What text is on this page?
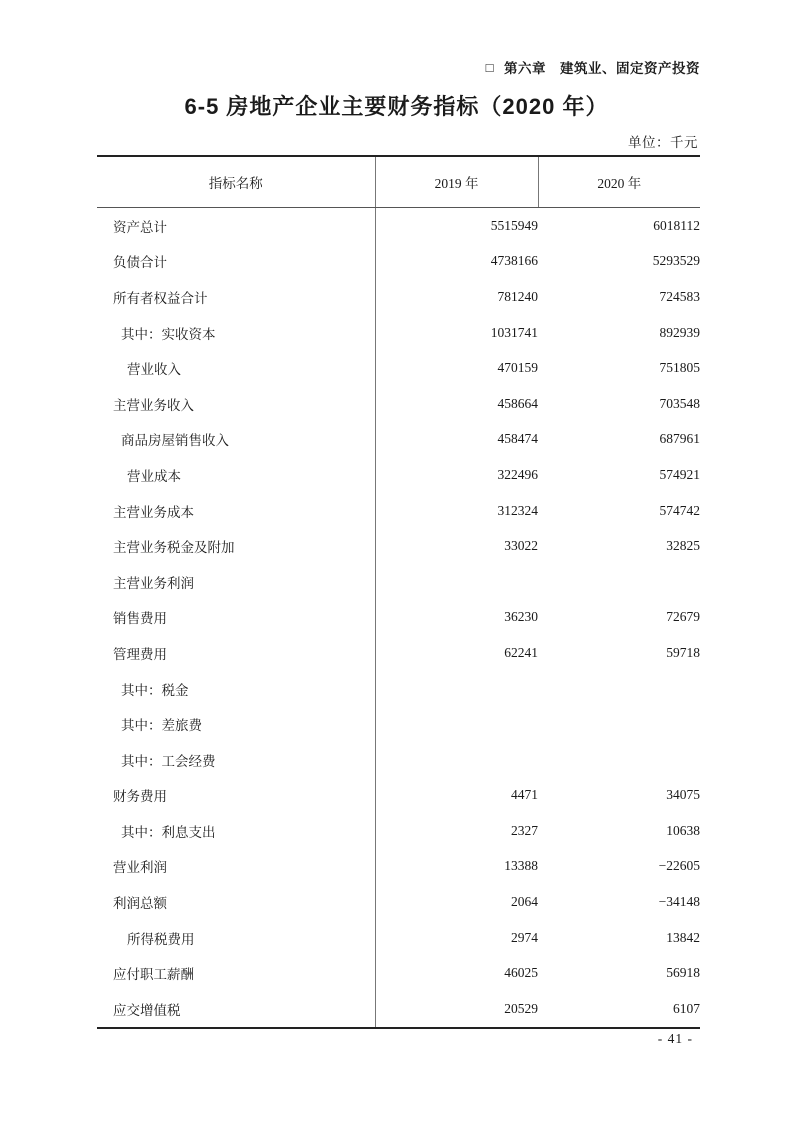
□ 第六章　建筑业、固定资产投资
6-5 房地产企业主要财务指标（2020 年）
单位：千元
指标名称	2019 年	2020 年
资产总计	5515949	6018112
负债合计	4738166	5293529
所有者权益合计	781240	724583
其中：实收资本	1031741	892939
营业收入	470159	751805
主营业务收入	458664	703548
商品房屋销售收入	458474	687961
营业成本	322496	574921
主营业务成本	312324	574742
主营业务税金及附加	33022	32825
主营业务利润		
销售费用	36230	72679
管理费用	62241	59718
其中：税金		
其中：差旅费		
其中：工会经费		
财务费用	4471	34075
其中：利息支出	2327	10638
营业利润	13388	−22605
利润总额	2064	−34148
所得税费用	2974	13842
应付职工薪酬	46025	56918
应交增值税	20529	6107
- 41 -
